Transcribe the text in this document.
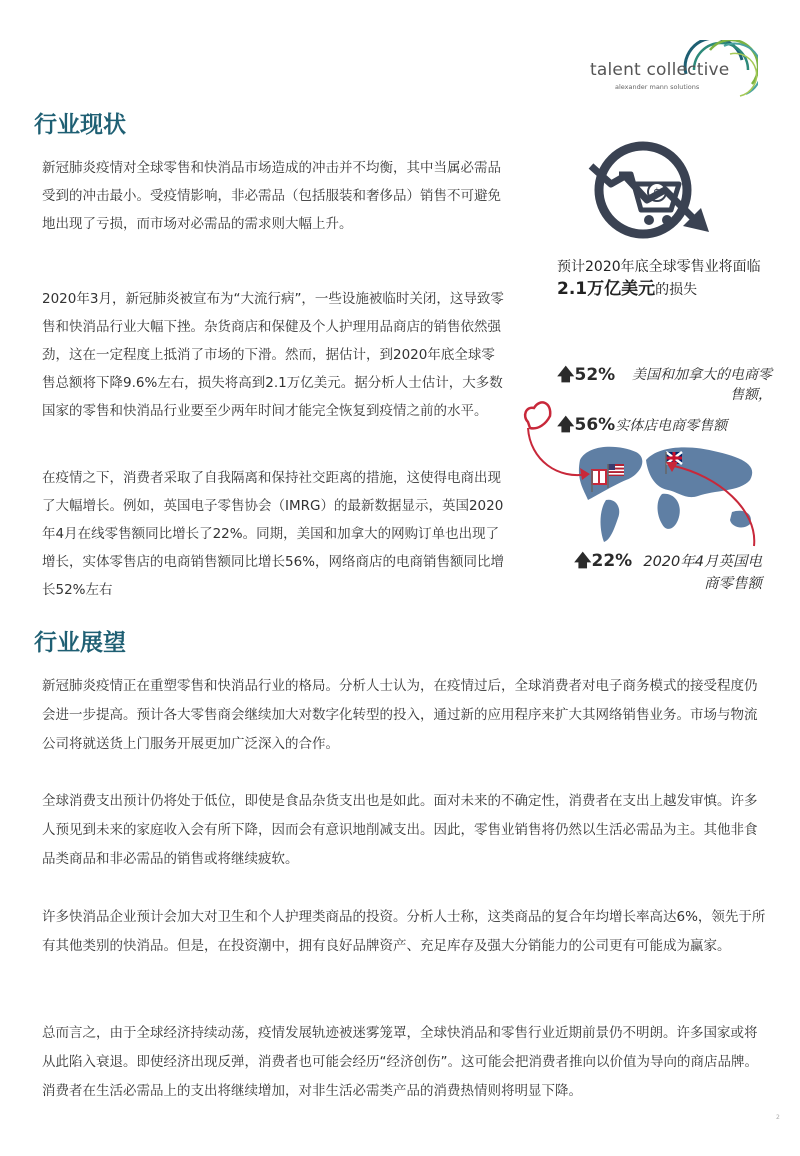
talent collective
alexander mann solutions
行业现状
新冠肺炎疫情对全球零售和快消品市场造成的冲击并不均衡，其中当属必需品受到的冲击最小。受疫情影响，非必需品（包括服装和奢侈品）销售不可避免地出现了亏损，而市场对必需品的需求则大幅上升。
2020年3月，新冠肺炎被宣布为“大流行病”，一些设施被临时关闭，这导致零售和快消品行业大幅下挫。杂货商店和保健及个人护理用品商店的销售依然强劲，这在一定程度上抵消了市场的下滑。然而，据估计，到2020年底全球零售总额将下降9.6%左右，损失将高到2.1万亿美元。据分析人士估计，大多数国家的零售和快消品行业要至少两年时间才能完全恢复到疫情之前的水平。
在疫情之下，消费者采取了自我隔离和保持社交距离的措施，这使得电商出现了大幅增长。例如，英国电子零售协会（IMRG）的最新数据显示，英国2020年4月在线零售额同比增长了22%。同期，美国和加拿大的网购订单也出现了增长，实体零售店的电商销售额同比增长56%，网络商店的电商销售额同比增长52%左右
$
预计2020年底全球零售业将面临2.1万亿美元的损失
🡅52%	美国和加拿大的电商零售额，
🡅56%实体店电商零售额
🡅22% 2020年4月英国电商零售额
行业展望
新冠肺炎疫情正在重塑零售和快消品行业的格局。分析人士认为，在疫情过后，全球消费者对电子商务模式的接受程度仍会进一步提高。预计各大零售商会继续加大对数字化转型的投入，通过新的应用程序来扩大其网络销售业务。市场与物流公司将就送货上门服务开展更加广泛深入的合作。
全球消费支出预计仍将处于低位，即使是食品杂货支出也是如此。面对未来的不确定性，消费者在支出上越发审慎。许多人预见到未来的家庭收入会有所下降，因而会有意识地削减支出。因此，零售业销售将仍然以生活必需品为主。其他非食品类商品和非必需品的销售或将继续疲软。
许多快消品企业预计会加大对卫生和个人护理类商品的投资。分析人士称，这类商品的复合年均增长率高达6%，领先于所有其他类别的快消品。但是，在投资潮中，拥有良好品牌资产、充足库存及强大分销能力的公司更有可能成为赢家。
总而言之，由于全球经济持续动荡，疫情发展轨迹被迷雾笼罩，全球快消品和零售行业近期前景仍不明朗。许多国家或将从此陷入衰退。即使经济出现反弹，消费者也可能会经历“经济创伤”。这可能会把消费者推向以价值为导向的商店品牌。消费者在生活必需品上的支出将继续增加，对非生活必需类产品的消费热情则将明显下降。
2
